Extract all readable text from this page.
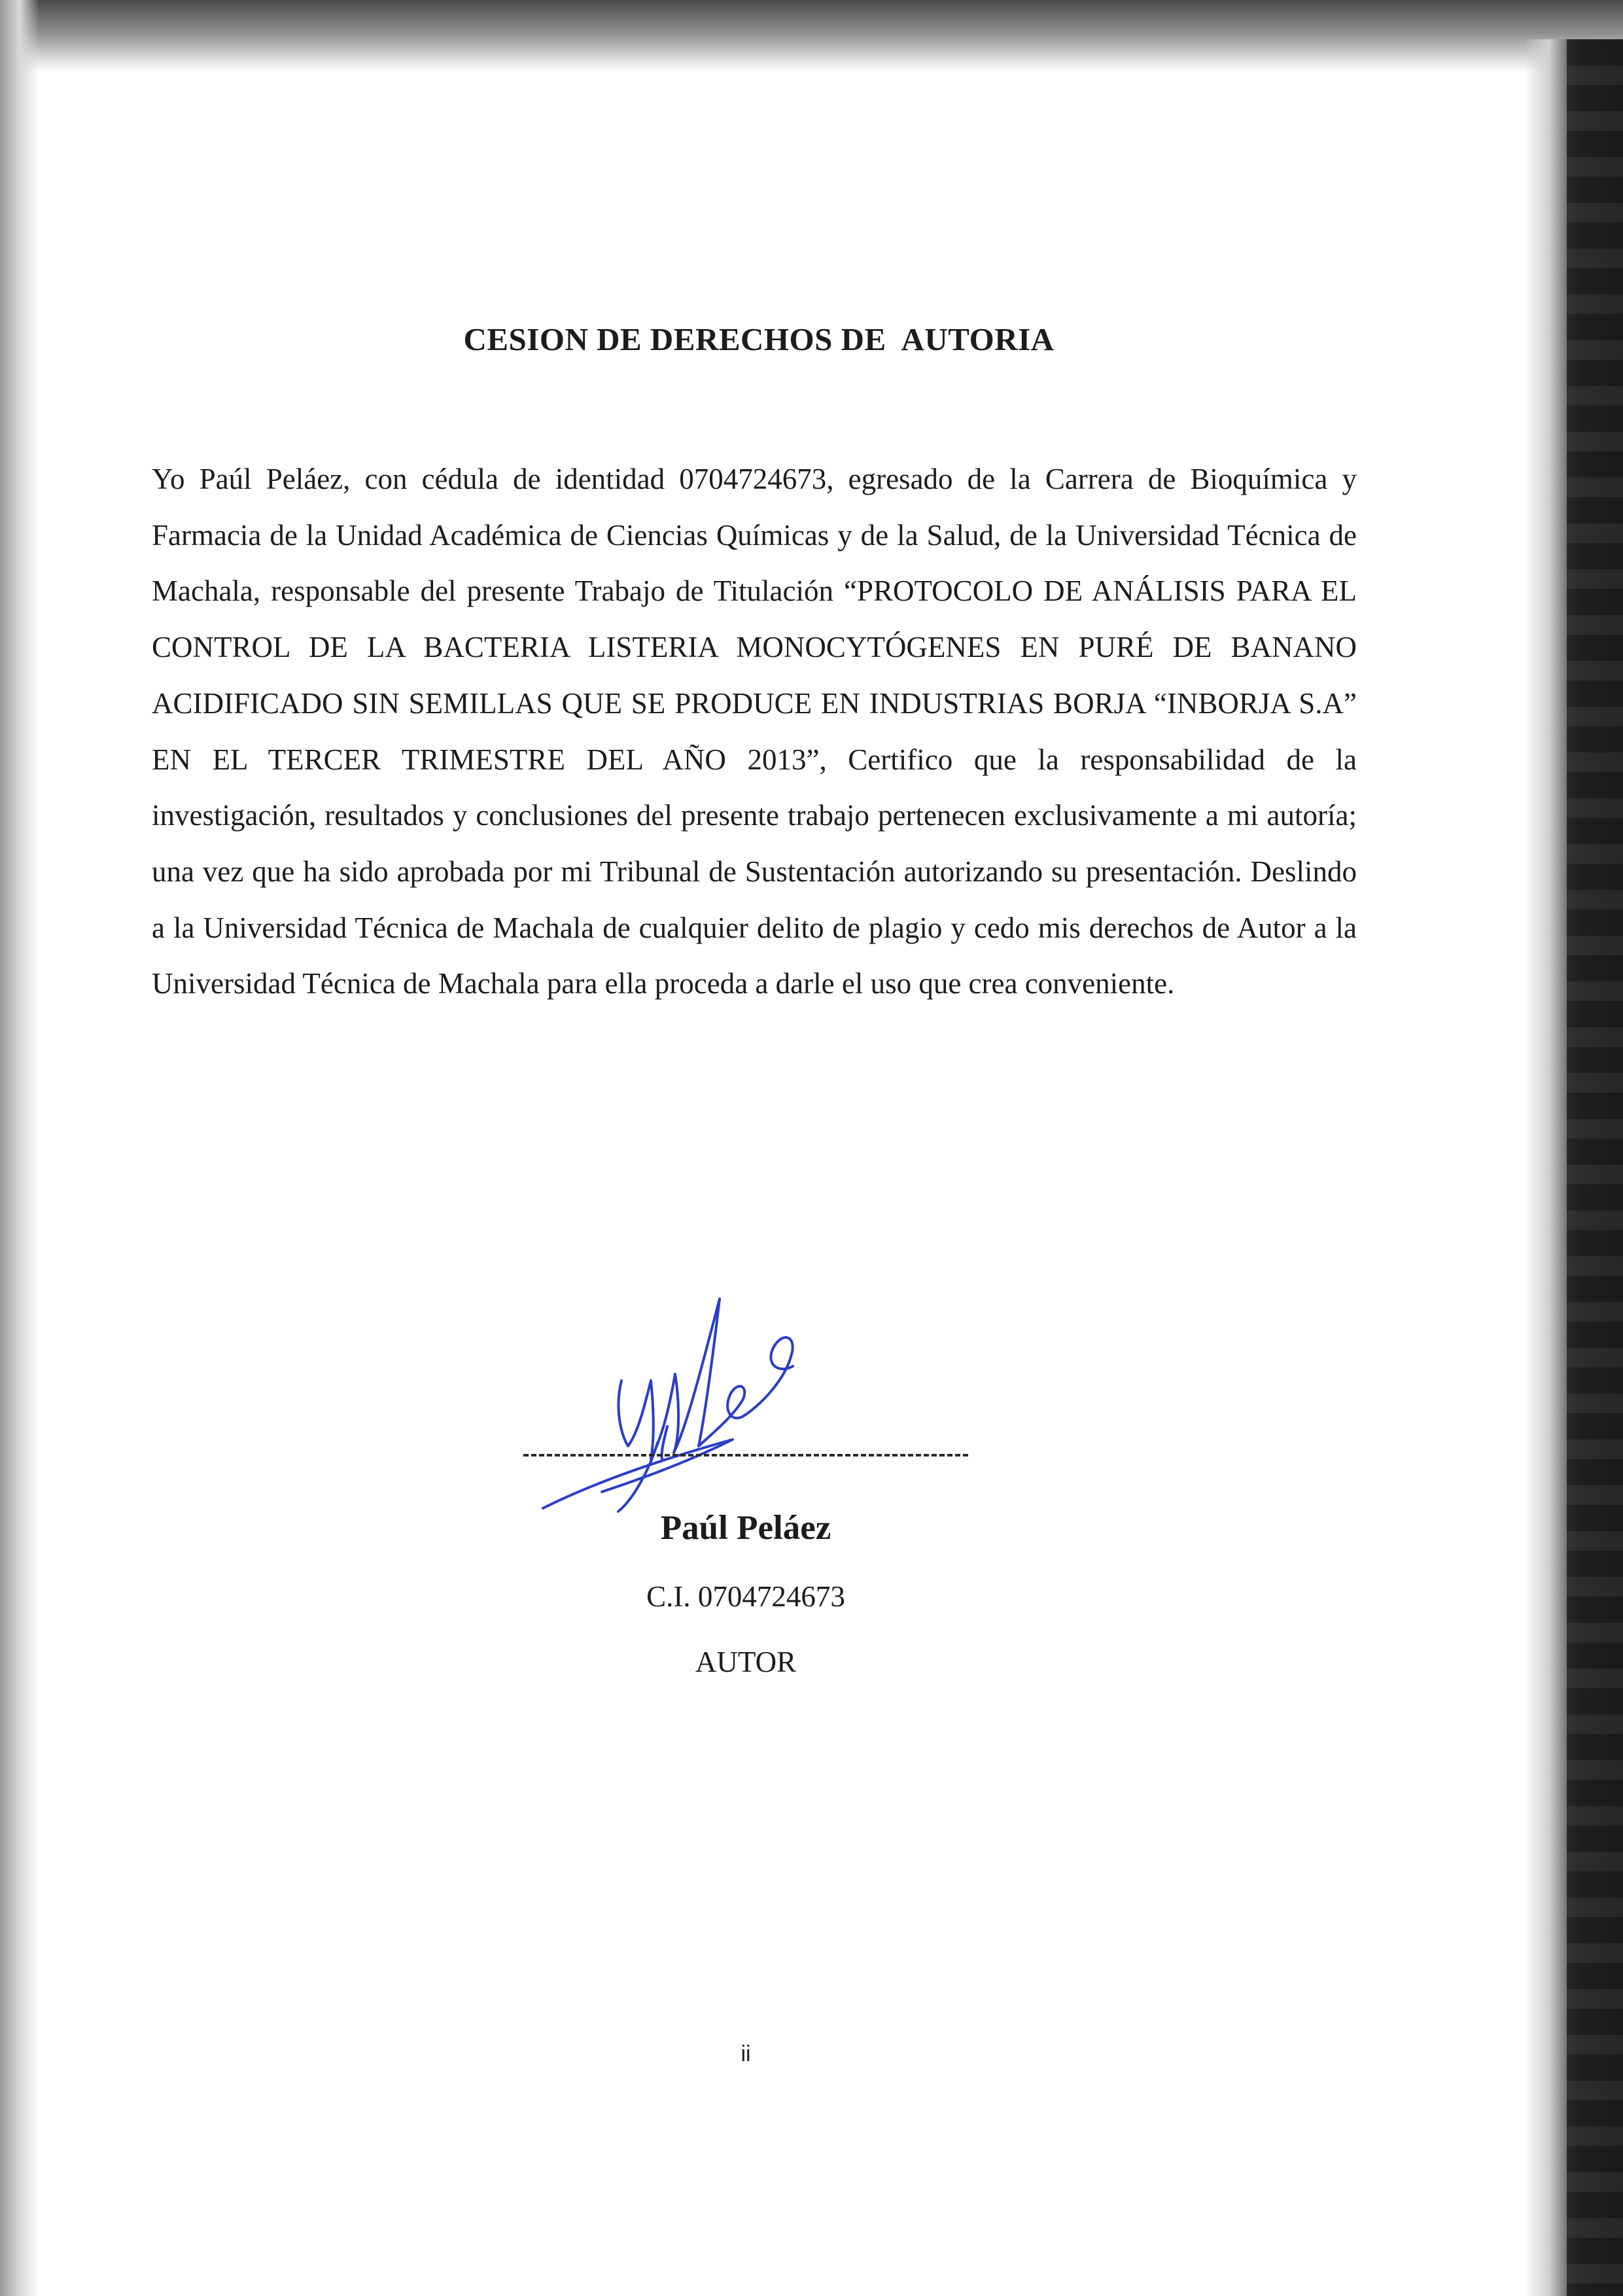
CESION DE DERECHOS DE  AUTORIA
Yo Paúl Peláez, con cédula de identidad 0704724673, egresado de la Carrera de Bioquímica y Farmacia de la Unidad Académica de Ciencias Químicas y de la Salud, de la Universidad Técnica de Machala, responsable del presente Trabajo de Titulación “PROTOCOLO DE ANÁLISIS PARA EL CONTROL DE LA BACTERIA LISTERIA MONOCYTÓGENES EN PURÉ DE BANANO ACIDIFICADO SIN SEMILLAS QUE SE PRODUCE EN INDUSTRIAS BORJA “INBORJA S.A” EN EL TERCER TRIMESTRE DEL AÑO 2013”, Certifico que la responsabilidad de la investigación, resultados y conclusiones del presente trabajo pertenecen exclusivamente a mi autoría; una vez que ha sido aprobada por mi Tribunal de Sustentación autorizando su presentación. Deslindo a la Universidad Técnica de Machala de cualquier delito de plagio y cedo mis derechos de Autor a la Universidad Técnica de Machala para ella proceda a darle el uso que crea conveniente.
Paúl Peláez
C.I. 0704724673
AUTOR
ii
